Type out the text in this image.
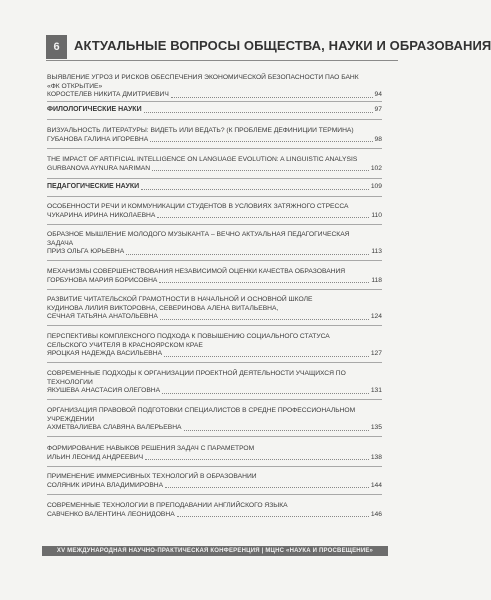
6	АКТУАЛЬНЫЕ ВОПРОСЫ ОБЩЕСТВА, НАУКИ И ОБРАЗОВАНИЯ
ВЫЯВЛЕНИЕ УГРОЗ И РИСКОВ ОБЕСПЕЧЕНИЯ ЭКОНОМИЧЕСКОЙ БЕЗОПАСНОСТИ ПАО БАНК
«ФК ОТКРЫТИЕ»
КОРОСТЕЛЕВ НИКИТА ДМИТРИЕВИЧ	94
ФИЛОЛОГИЧЕСКИЕ НАУКИ	97
ВИЗУАЛЬНОСТЬ ЛИТЕРАТУРЫ: ВИДЕТЬ ИЛИ ВЕДАТЬ? (К ПРОБЛЕМЕ ДЕФИНИЦИИ ТЕРМИНА)
ГУБАНОВА ГАЛИНА ИГОРЕВНА	98
THE IMPACT OF ARTIFICIAL INTELLIGENCE ON LANGUAGE EVOLUTION: A LINGUISTIC ANALYSIS
GURBANOVA AYNURA NARIMAN	102
ПЕДАГОГИЧЕСКИЕ НАУКИ	109
ОСОБЕННОСТИ РЕЧИ И КОММУНИКАЦИИ СТУДЕНТОВ В УСЛОВИЯХ ЗАТЯЖНОГО СТРЕССА
ЧУКАРИНА ИРИНА НИКОЛАЕВНА	110
ОБРАЗНОЕ МЫШЛЕНИЕ МОЛОДОГО МУЗЫКАНТА – ВЕЧНО АКТУАЛЬНАЯ ПЕДАГОГИЧЕСКАЯ
ЗАДАЧА
ПРИЗ ОЛЬГА ЮРЬЕВНА	113
МЕХАНИЗМЫ СОВЕРШЕНСТВОВАНИЯ НЕЗАВИСИМОЙ ОЦЕНКИ КАЧЕСТВА ОБРАЗОВАНИЯ
ГОРБУНОВА МАРИЯ БОРИСОВНА	118
РАЗВИТИЕ ЧИТАТЕЛЬСКОЙ ГРАМОТНОСТИ В НАЧАЛЬНОЙ И ОСНОВНОЙ ШКОЛЕ
КУДИНОВА ЛИЛИЯ ВИКТОРОВНА, СЕВЕРИНОВА АЛЕНА ВИТАЛЬЕВНА,
СЕЧНАЯ ТАТЬЯНА АНАТОЛЬЕВНА	124
ПЕРСПЕКТИВЫ КОМПЛЕКСНОГО ПОДХОДА К ПОВЫШЕНИЮ СОЦИАЛЬНОГО СТАТУСА
СЕЛЬСКОГО УЧИТЕЛЯ В КРАСНОЯРСКОМ КРАЕ
ЯРОЦКАЯ НАДЕЖДА ВАСИЛЬЕВНА	127
СОВРЕМЕННЫЕ ПОДХОДЫ К ОРГАНИЗАЦИИ ПРОЕКТНОЙ ДЕЯТЕЛЬНОСТИ УЧАЩИХСЯ ПО
ТЕХНОЛОГИИ
ЯКУШЕВА АНАСТАСИЯ ОЛЕГОВНА	131
ОРГАНИЗАЦИЯ ПРАВОВОЙ ПОДГОТОВКИ СПЕЦИАЛИСТОВ В СРЕДНЕ ПРОФЕССИОНАЛЬНОМ
УЧРЕЖДЕНИИ
АХМЕТВАЛИЕВА СЛАВЯНА ВАЛЕРЬЕВНА	135
ФОРМИРОВАНИЕ НАВЫКОВ РЕШЕНИЯ ЗАДАЧ С ПАРАМЕТРОМ
ИЛЬИН ЛЕОНИД АНДРЕЕВИЧ	138
ПРИМЕНЕНИЕ ИММЕРСИВНЫХ ТЕХНОЛОГИЙ В ОБРАЗОВАНИИ
СОЛЯНИК ИРИНА ВЛАДИМИРОВНА	144
СОВРЕМЕННЫЕ ТЕХНОЛОГИИ В ПРЕПОДАВАНИИ АНГЛИЙСКОГО ЯЗЫКА
САВЧЕНКО ВАЛЕНТИНА ЛЕОНИДОВНА	146
XV МЕЖДУНАРОДНАЯ НАУЧНО-ПРАКТИЧЕСКАЯ КОНФЕРЕНЦИЯ | МЦНС «НАУКА И ПРОСВЕЩЕНИЕ»
